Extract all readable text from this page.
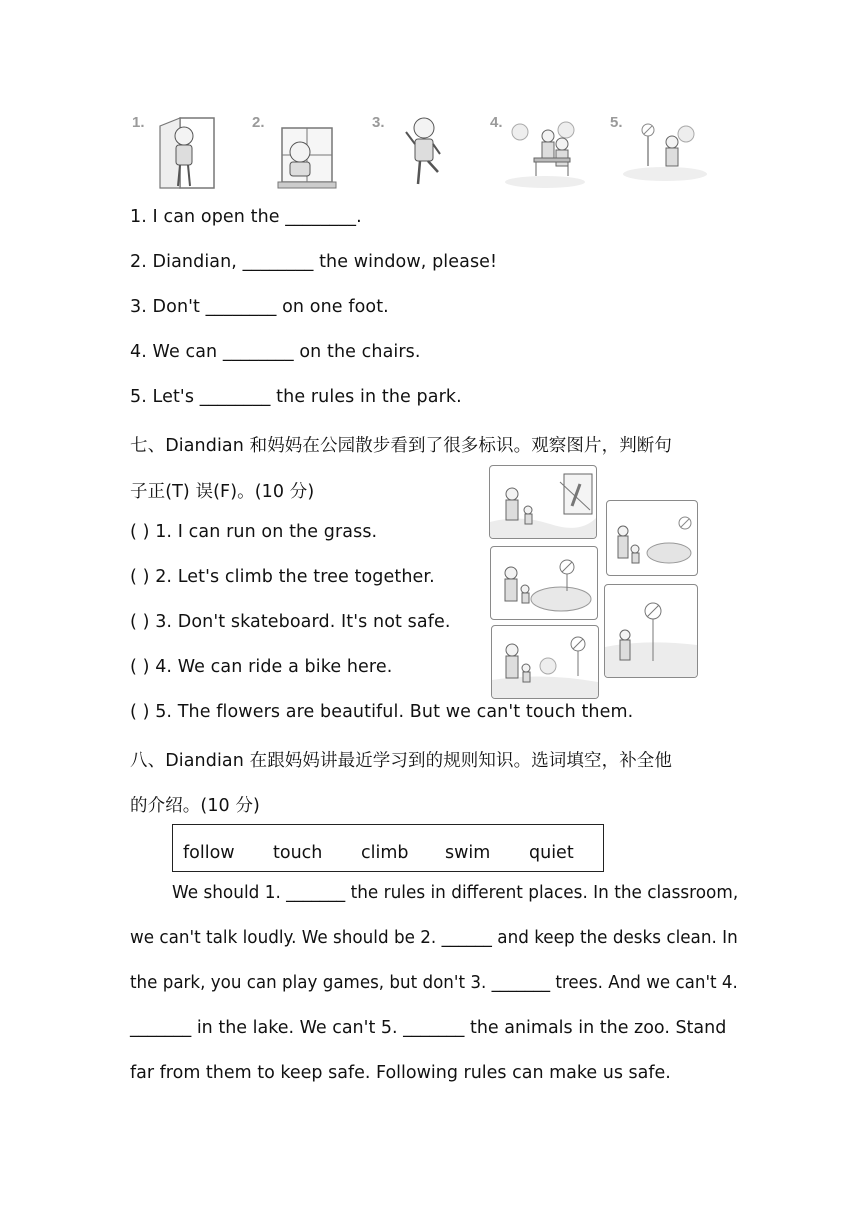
1.	2.	3.	4.	5.
1. I can open the ________.
2. Diandian, ________ the window, please!
3. Don't ________ on one foot.
4. We can ________ on the chairs.
5. Let's ________ the rules in the park.
七、Diandian 和妈妈在公园散步看到了很多标识。观察图片，判断句
子正(T) 误(F)。(10 分)
( ) 1. I can run on the grass.
( ) 2. Let's climb the tree together.
( ) 3. Don't skateboard. It's not safe.
( ) 4. We can ride a bike here.
( ) 5. The flowers are beautiful. But we can't touch them.
八、Diandian 在跟妈妈讲最近学习到的规则知识。选词填空，补全他
的介绍。(10 分)
follow touch climb swim quiet
We should 1. _______ the rules in different places. In the classroom,
we can't talk loudly. We should be 2. ______ and keep the desks clean. In
the park, you can play games, but don't 3. _______ trees. And we can't 4.
_______ in the lake. We can't 5. _______ the animals in the zoo. Stand
far from them to keep safe. Following rules can make us safe.
